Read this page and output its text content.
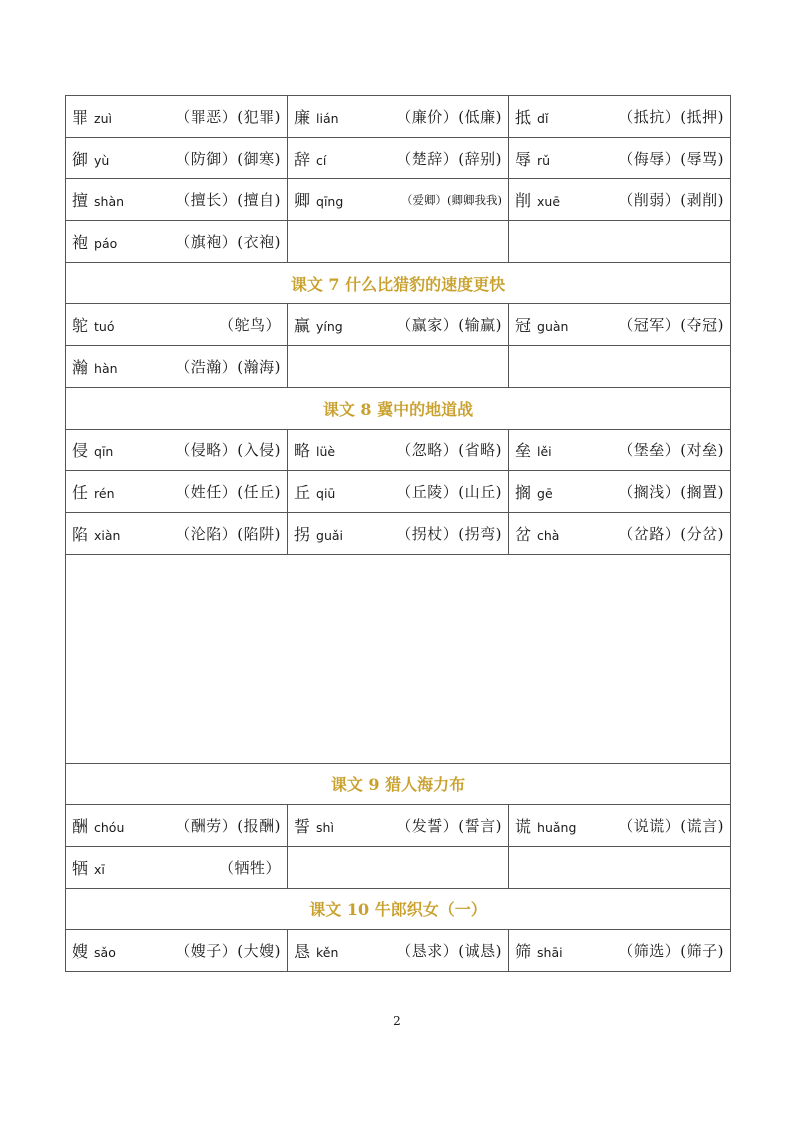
罪 zuì （罪恶）(犯罪)	廉 lián （廉价）(低廉)	抵 dǐ （抵抗）(抵押)

御 yù （防御）(御寒)	辞 cí （楚辞）(辞别)	辱 rǔ （侮辱）(辱骂)

擅 shàn （擅长）(擅自)	卿 qīng （爱卿）(卿卿我我)	削 xuē （削弱）(剥削)

袍 páo （旗袍）(衣袍)		

课文 7 什么比猎豹的速度更快		

鸵 tuó （鸵鸟）	赢 yíng （赢家）(输赢)	冠 guàn （冠军）(夺冠)

瀚 hàn （浩瀚）(瀚海)		

课文 8 冀中的地道战		

侵 qīn （侵略）(入侵)	略 lüè （忽略）(省略)	垒 lěi （堡垒）(对垒)

任 rén （姓任）(任丘)	丘 qiū （丘陵）(山丘)	搁 gē （搁浅）(搁置)

陷 xiàn （沦陷）(陷阱)	拐 guǎi （拐杖）(拐弯)	岔 chà （岔路）(分岔)

课文 9 猎人海力布		

酬 chóu （酬劳）(报酬)	誓 shì （发誓）(誓言)	谎 huǎng （说谎）(谎言)

牺 xī （牺牲）		

课文 10 牛郎织女（一）		

嫂 sǎo （嫂子）(大嫂)	恳 kěn （恳求）(诚恳)	筛 shāi （筛选）(筛子)
2
